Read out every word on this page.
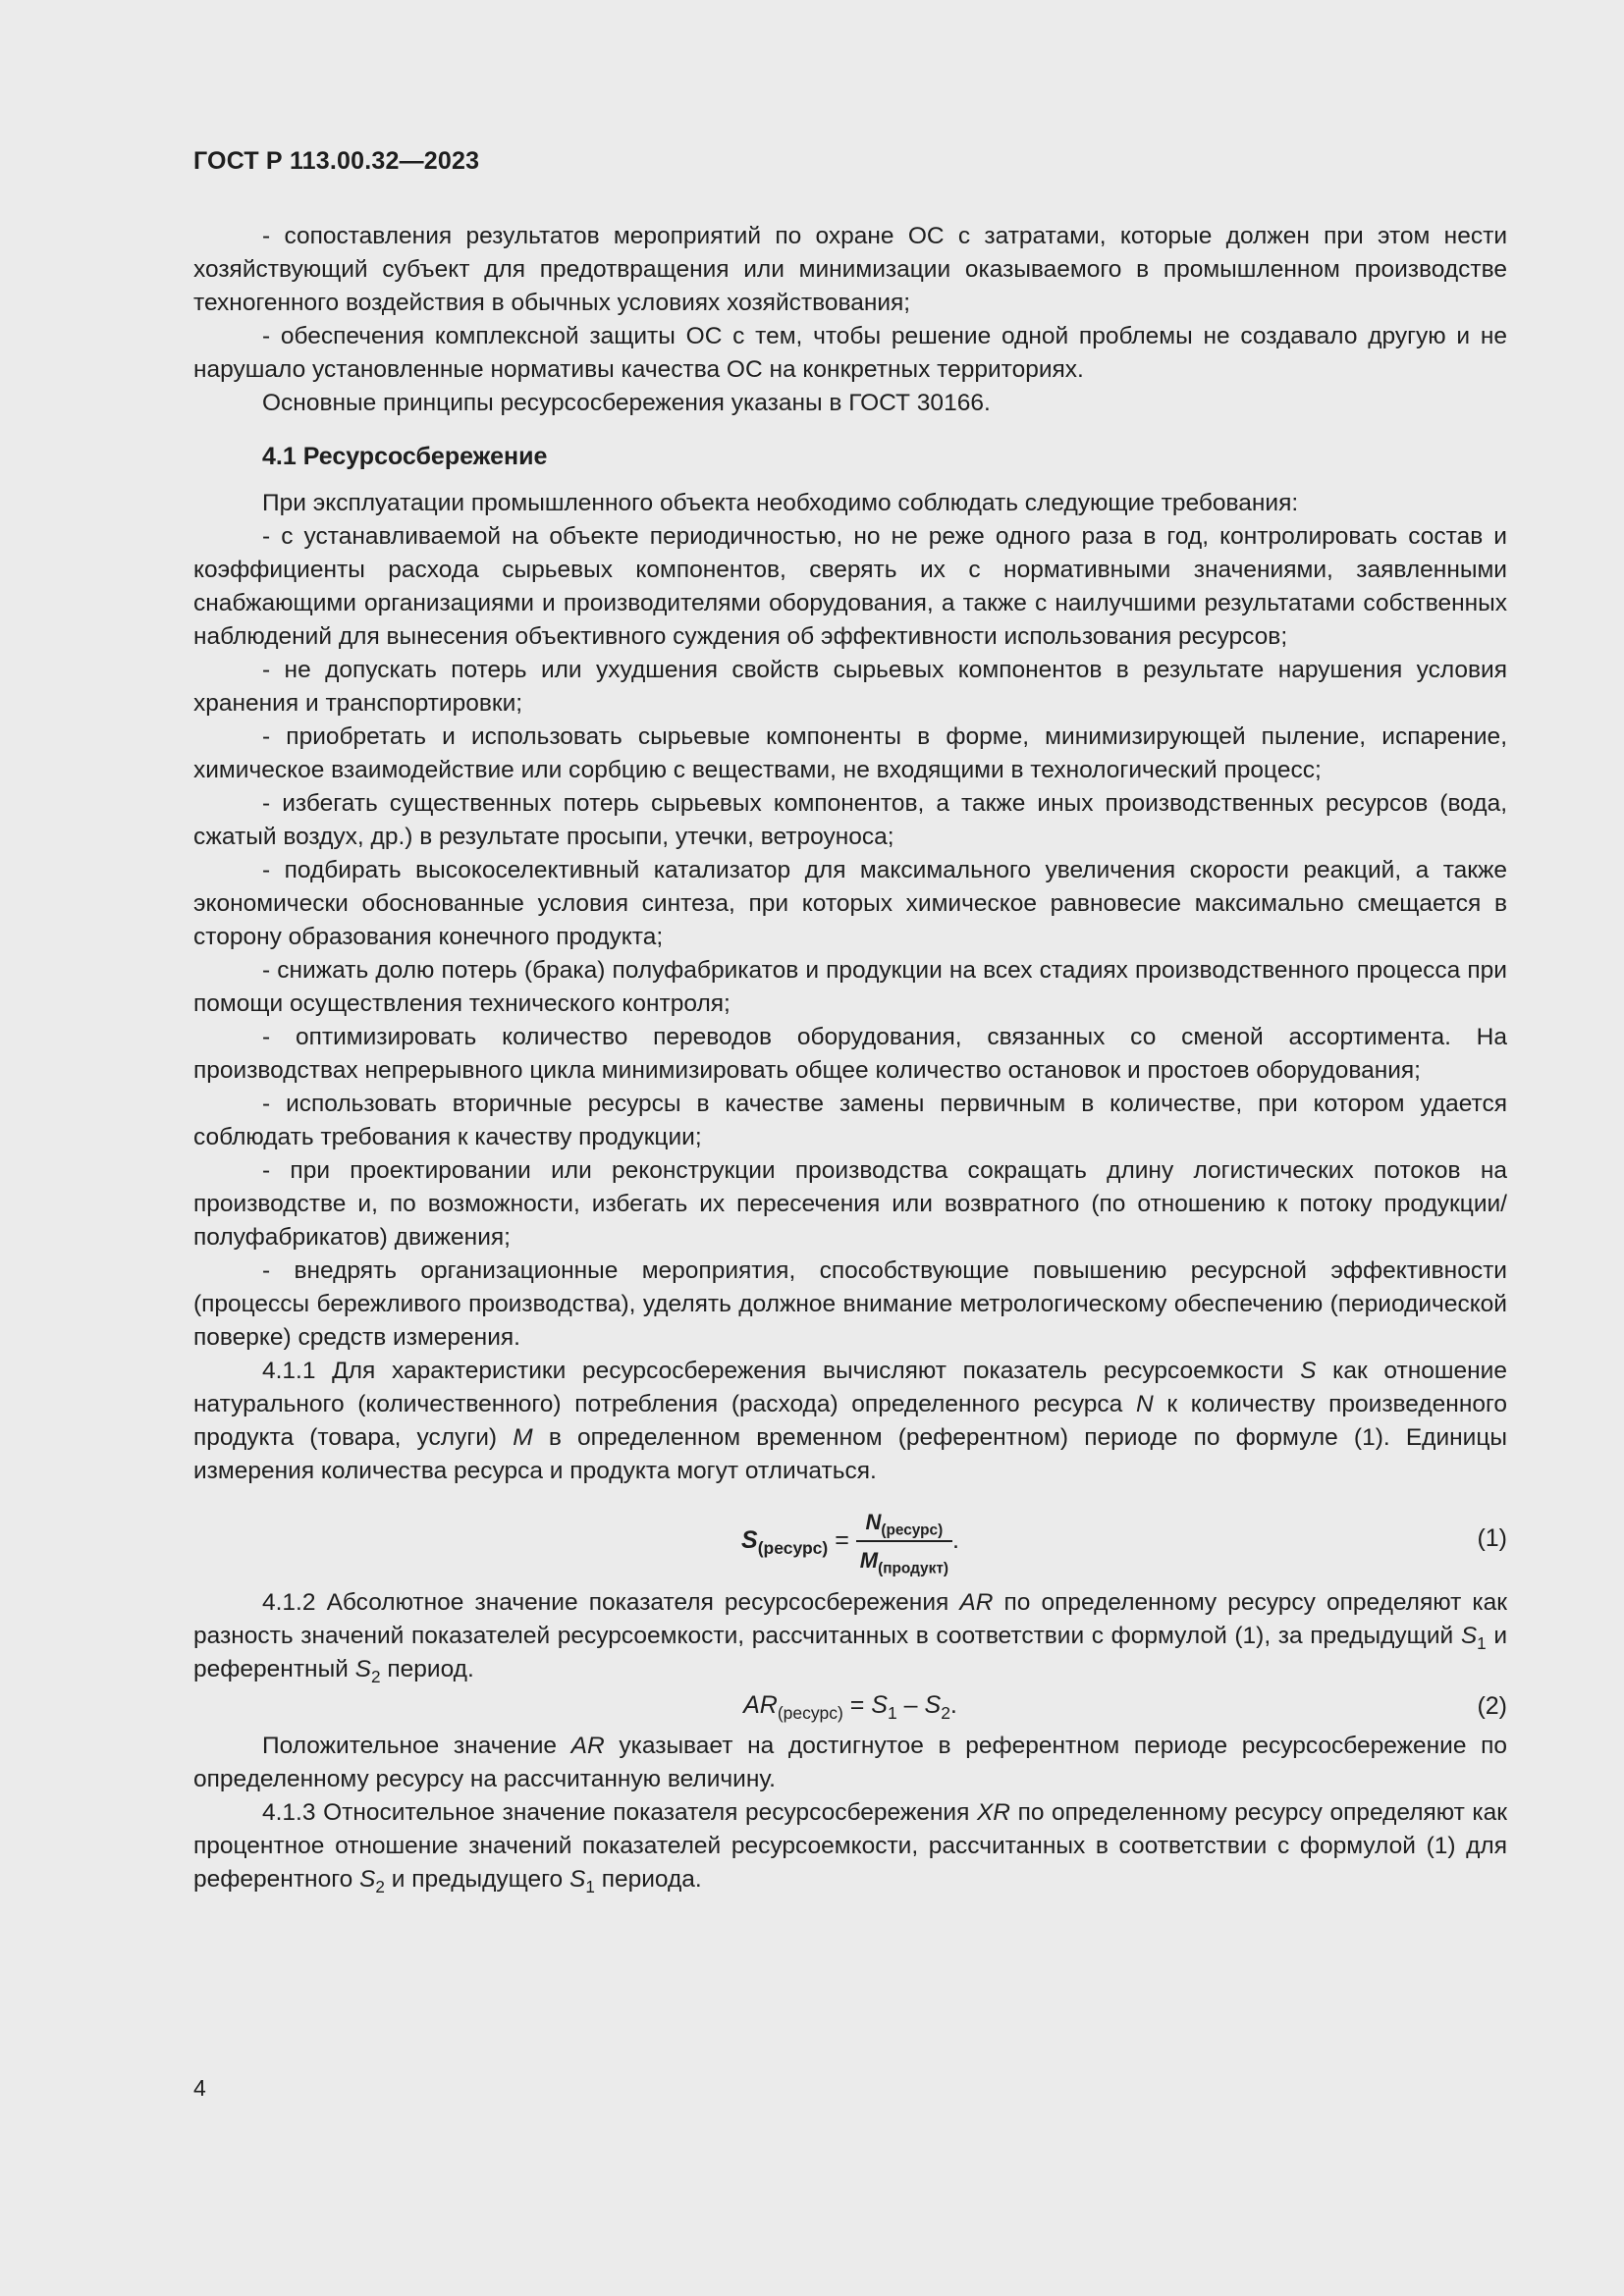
ГОСТ Р 113.00.32—2023

- сопоставления результатов мероприятий по охране ОС с затратами, которые должен при этом нести хозяйствующий субъект для предотвращения или минимизации оказываемого в промышленном производстве техногенного воздействия в обычных условиях хозяйствования;

- обеспечения комплексной защиты ОС с тем, чтобы решение одной проблемы не создавало другую и не нарушало установленные нормативы качества ОС на конкретных территориях.

Основные принципы ресурсосбережения указаны в ГОСТ 30166.

4.1 Ресурсосбережение

При эксплуатации промышленного объекта необходимо соблюдать следующие требования:

- с устанавливаемой на объекте периодичностью, но не реже одного раза в год, контролировать состав и коэффициенты расхода сырьевых компонентов, сверять их с нормативными значениями, заявленными снабжающими организациями и производителями оборудования, а также с наилучшими результатами собственных наблюдений для вынесения объективного суждения об эффективности использования ресурсов;

- не допускать потерь или ухудшения свойств сырьевых компонентов в результате нарушения условия хранения и транспортировки;

- приобретать и использовать сырьевые компоненты в форме, минимизирующей пыление, испарение, химическое взаимодействие или сорбцию с веществами, не входящими в технологический процесс;

- избегать существенных потерь сырьевых компонентов, а также иных производственных ресурсов (вода, сжатый воздух, др.) в результате просыпи, утечки, ветроуноса;

- подбирать высокоселективный катализатор для максимального увеличения скорости реакций, а также экономически обоснованные условия синтеза, при которых химическое равновесие максимально смещается в сторону образования конечного продукта;

- снижать долю потерь (брака) полуфабрикатов и продукции на всех стадиях производственного процесса при помощи осуществления технического контроля;

- оптимизировать количество переводов оборудования, связанных со сменой ассортимента. На производствах непрерывного цикла минимизировать общее количество остановок и простоев оборудования;

- использовать вторичные ресурсы в качестве замены первичным в количестве, при котором удается соблюдать требования к качеству продукции;

- при проектировании или реконструкции производства сокращать длину логистических потоков на производстве и, по возможности, избегать их пересечения или возвратного (по отношению к потоку продукции/полуфабрикатов) движения;

- внедрять организационные мероприятия, способствующие повышению ресурсной эффективности (процессы бережливого производства), уделять должное внимание метрологическому обеспечению (периодической поверке) средств измерения.

4.1.1 Для характеристики ресурсосбережения вычисляют показатель ресурсоемкости S как отношение натурального (количественного) потребления (расхода) определенного ресурса N к количеству произведенного продукта (товара, услуги) M в определенном временном (референтном) периоде по формуле (1). Единицы измерения количества ресурса и продукта могут отличаться.

$S_{(ресурс)} = \frac{N_{(ресурс)}}{M_{(продукт)}}$ .	(1)

4.1.2 Абсолютное значение показателя ресурсосбережения AR по определенному ресурсу определяют как разность значений показателей ресурсоемкости, рассчитанных в соответствии с формулой (1), за предыдущий $S_1$ и референтный $S_2$ период.

$AR_{(ресурс)} = S_1 - S_2$.	(2)

Положительное значение AR указывает на достигнутое в референтном периоде ресурсосбережение по определенному ресурсу на рассчитанную величину.

4.1.3 Относительное значение показателя ресурсосбережения XR по определенному ресурсу определяют как процентное отношение значений показателей ресурсоемкости, рассчитанных в соответствии с формулой (1) для референтного $S_2$ и предыдущего $S_1$ периода.

4
